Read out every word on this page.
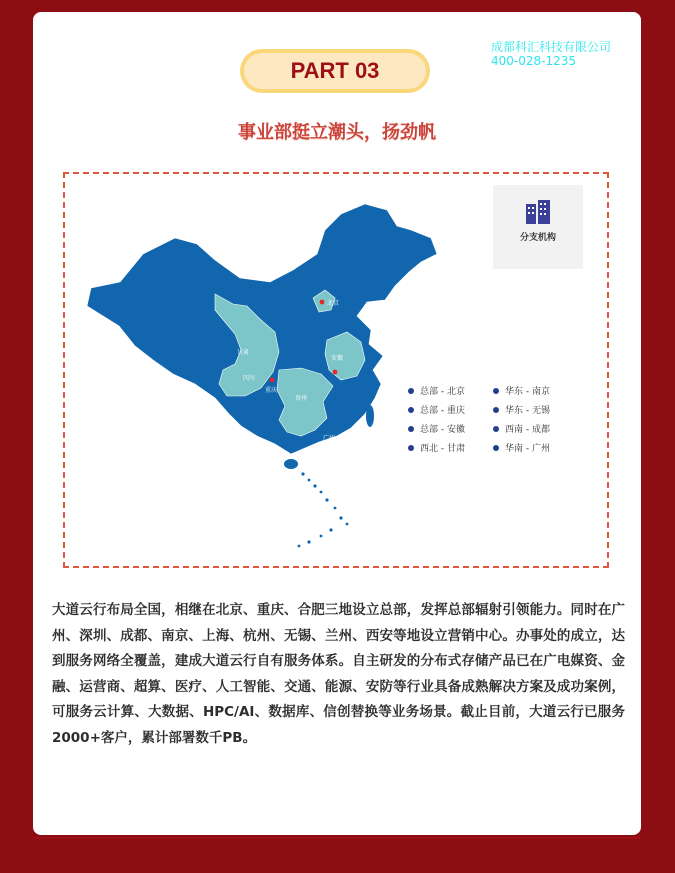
成都科汇科技有限公司
400-028-1235
PART 03
事业部挺立潮头，扬劲帆
北京
甘肃
重庆
安徽
四川
贵州
广州
分支机构
总部 - 北京	华东 - 南京
总部 - 重庆	华东 - 无锡
总部 - 安徽	西南 - 成都
西北 - 甘肃	华南 - 广州
大道云行布局全国，相继在北京、重庆、合肥三地设立总部，发挥总部辐射引领能力。同时在广州、深圳、成都、南京、上海、杭州、无锡、兰州、西安等地设立营销中心。办事处的成立，达到服务网络全覆盖，建成大道云行自有服务体系。自主研发的分布式存储产品已在广电媒资、金融、运营商、超算、医疗、人工智能、交通、能源、安防等行业具备成熟解决方案及成功案例，可服务云计算、大数据、HPC/AI、数据库、信创替换等业务场景。截止目前，大道云行已服务2000+客户，累计部署数千PB。
新一代信息技术产业是“硬实力”的代表行业
